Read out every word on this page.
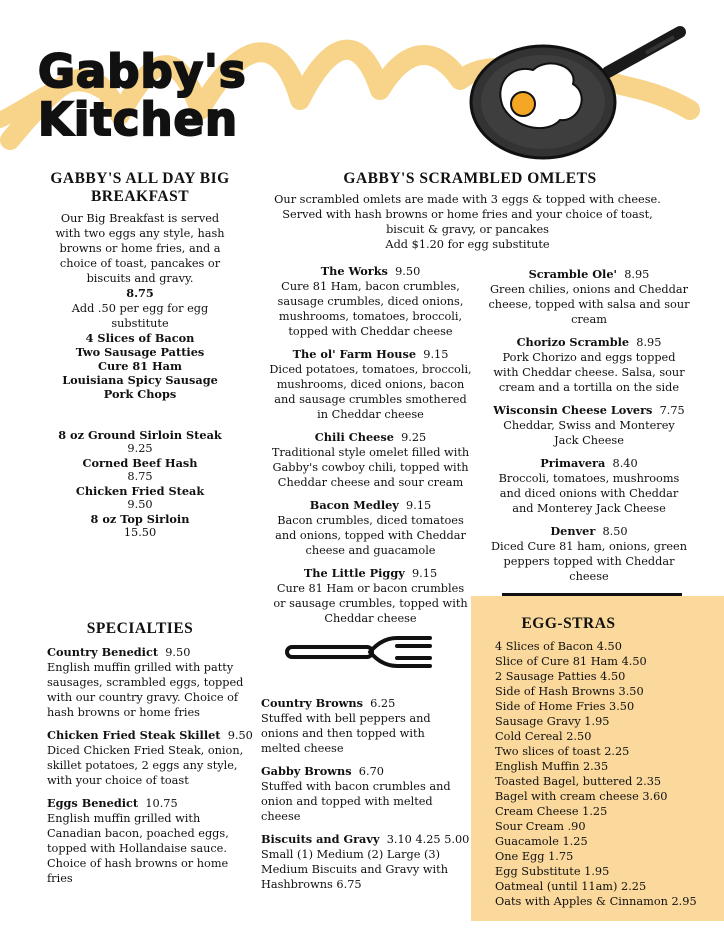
Gabby's
Kitchen
GABBY'S ALL DAY BIG
BREAKFAST
Our Big Breakfast is served
with two eggs any style, hash
browns or home fries, and a
choice of toast, pancakes or
biscuits and gravy.
8.75
Add .50 per egg for egg
substitute
4 Slices of Bacon
Two Sausage Patties
Cure 81 Ham
Louisiana Spicy Sausage
Pork Chops
8 oz Ground Sirloin Steak
9.25
Corned Beef Hash
8.75
Chicken Fried Steak
9.50
8 oz Top Sirloin
15.50
GABBY'S SCRAMBLED OMLETS
Our scrambled omlets are made with 3 eggs & topped with cheese.
Served with hash browns or home fries and your choice of toast,
biscuit & gravy, or pancakes
Add $1.20 for egg substitute
The Works 9.50
Cure 81 Ham, bacon crumbles,
sausage crumbles, diced onions,
mushrooms, tomatoes, broccoli,
topped with Cheddar cheese
The ol' Farm House 9.15
Diced potatoes, tomatoes, broccoli,
mushrooms, diced onions, bacon
and sausage crumbles smothered
in Cheddar cheese
Chili Cheese 9.25
Traditional style omelet filled with
Gabby's cowboy chili, topped with
Cheddar cheese and sour cream
Bacon Medley 9.15
Bacon crumbles, diced tomatoes
and onions, topped with Cheddar
cheese and guacamole
The Little Piggy 9.15
Cure 81 Ham or bacon crumbles
or sausage crumbles, topped with
Cheddar cheese
Scramble Ole' 8.95
Green chilies, onions and Cheddar
cheese, topped with salsa and sour
cream
Chorizo Scramble 8.95
Pork Chorizo and eggs topped
with Cheddar cheese. Salsa, sour
cream and a tortilla on the side
Wisconsin Cheese Lovers 7.75
Cheddar, Swiss and Monterey
Jack Cheese
Primavera 8.40
Broccoli, tomatoes, mushrooms
and diced onions with Cheddar
and Monterey Jack Cheese
Denver 8.50
Diced Cure 81 ham, onions, green
peppers topped with Cheddar
cheese
SPECIALTIES
Country Benedict 9.50
English muffin grilled with patty
sausages, scrambled eggs, topped
with our country gravy. Choice of
hash browns or home fries
Chicken Fried Steak Skillet 9.50
Diced Chicken Fried Steak, onion,
skillet potatoes, 2 eggs any style,
with your choice of toast
Eggs Benedict 10.75
English muffin grilled with
Canadian bacon, poached eggs,
topped with Hollandaise sauce.
Choice of hash browns or home
fries
Country Browns 6.25
Stuffed with bell peppers and
onions and then topped with
melted cheese
Gabby Browns 6.70
Stuffed with bacon crumbles and
onion and topped with melted
cheese
Biscuits and Gravy 3.10 4.25 5.00
Small (1) Medium (2) Large (3)
Medium Biscuits and Gravy with
Hashbrowns 6.75
EGG-STRAS
4 Slices of Bacon 4.50
Slice of Cure 81 Ham 4.50
2 Sausage Patties 4.50
Side of Hash Browns 3.50
Side of Home Fries 3.50
Sausage Gravy 1.95
Cold Cereal 2.50
Two slices of toast 2.25
English Muffin 2.35
Toasted Bagel, buttered 2.35
Bagel with cream cheese 3.60
Cream Cheese 1.25
Sour Cream .90
Guacamole 1.25
One Egg 1.75
Egg Substitute 1.95
Oatmeal (until 11am) 2.25
Oats with Apples & Cinnamon 2.95
